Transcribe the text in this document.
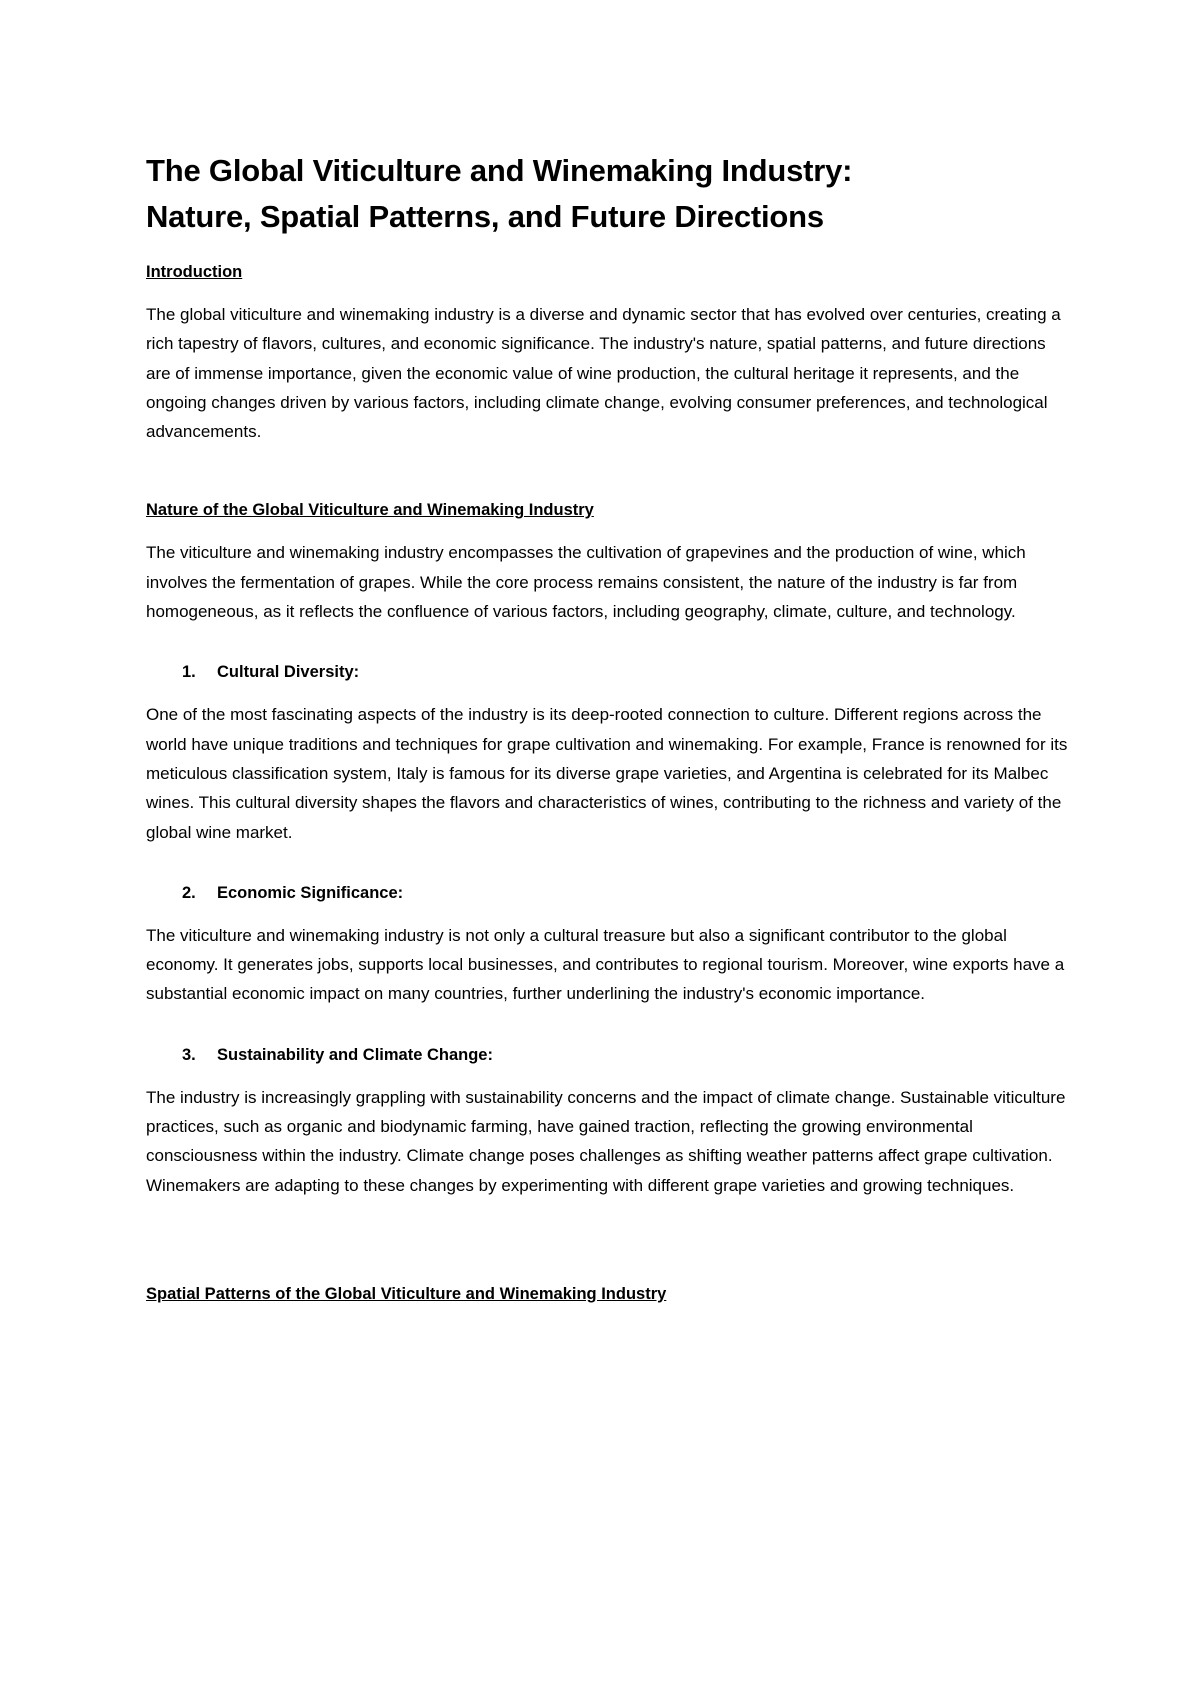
The Global Viticulture and Winemaking Industry:
Nature, Spatial Patterns, and Future Directions
Introduction

The global viticulture and winemaking industry is a diverse and dynamic sector that has evolved over centuries, creating a rich tapestry of flavors, cultures, and economic significance. The industry's nature, spatial patterns, and future directions are of immense importance, given the economic value of wine production, the cultural heritage it represents, and the ongoing changes driven by various factors, including climate change, evolving consumer preferences, and technological advancements.

Nature of the Global Viticulture and Winemaking Industry

The viticulture and winemaking industry encompasses the cultivation of grapevines and the production of wine, which involves the fermentation of grapes. While the core process remains consistent, the nature of the industry is far from homogeneous, as it reflects the confluence of various factors, including geography, climate, culture, and technology.

1.	Cultural Diversity:

One of the most fascinating aspects of the industry is its deep-rooted connection to culture. Different regions across the world have unique traditions and techniques for grape cultivation and winemaking. For example, France is renowned for its meticulous classification system, Italy is famous for its diverse grape varieties, and Argentina is celebrated for its Malbec wines. This cultural diversity shapes the flavors and characteristics of wines, contributing to the richness and variety of the global wine market.

2.	Economic Significance:

The viticulture and winemaking industry is not only a cultural treasure but also a significant contributor to the global economy. It generates jobs, supports local businesses, and contributes to regional tourism. Moreover, wine exports have a substantial economic impact on many countries, further underlining the industry's economic importance.

3.	Sustainability and Climate Change:

The industry is increasingly grappling with sustainability concerns and the impact of climate change. Sustainable viticulture practices, such as organic and biodynamic farming, have gained traction, reflecting the growing environmental consciousness within the industry. Climate change poses challenges as shifting weather patterns affect grape cultivation. Winemakers are adapting to these changes by experimenting with different grape varieties and growing techniques.

Spatial Patterns of the Global Viticulture and Winemaking Industry
